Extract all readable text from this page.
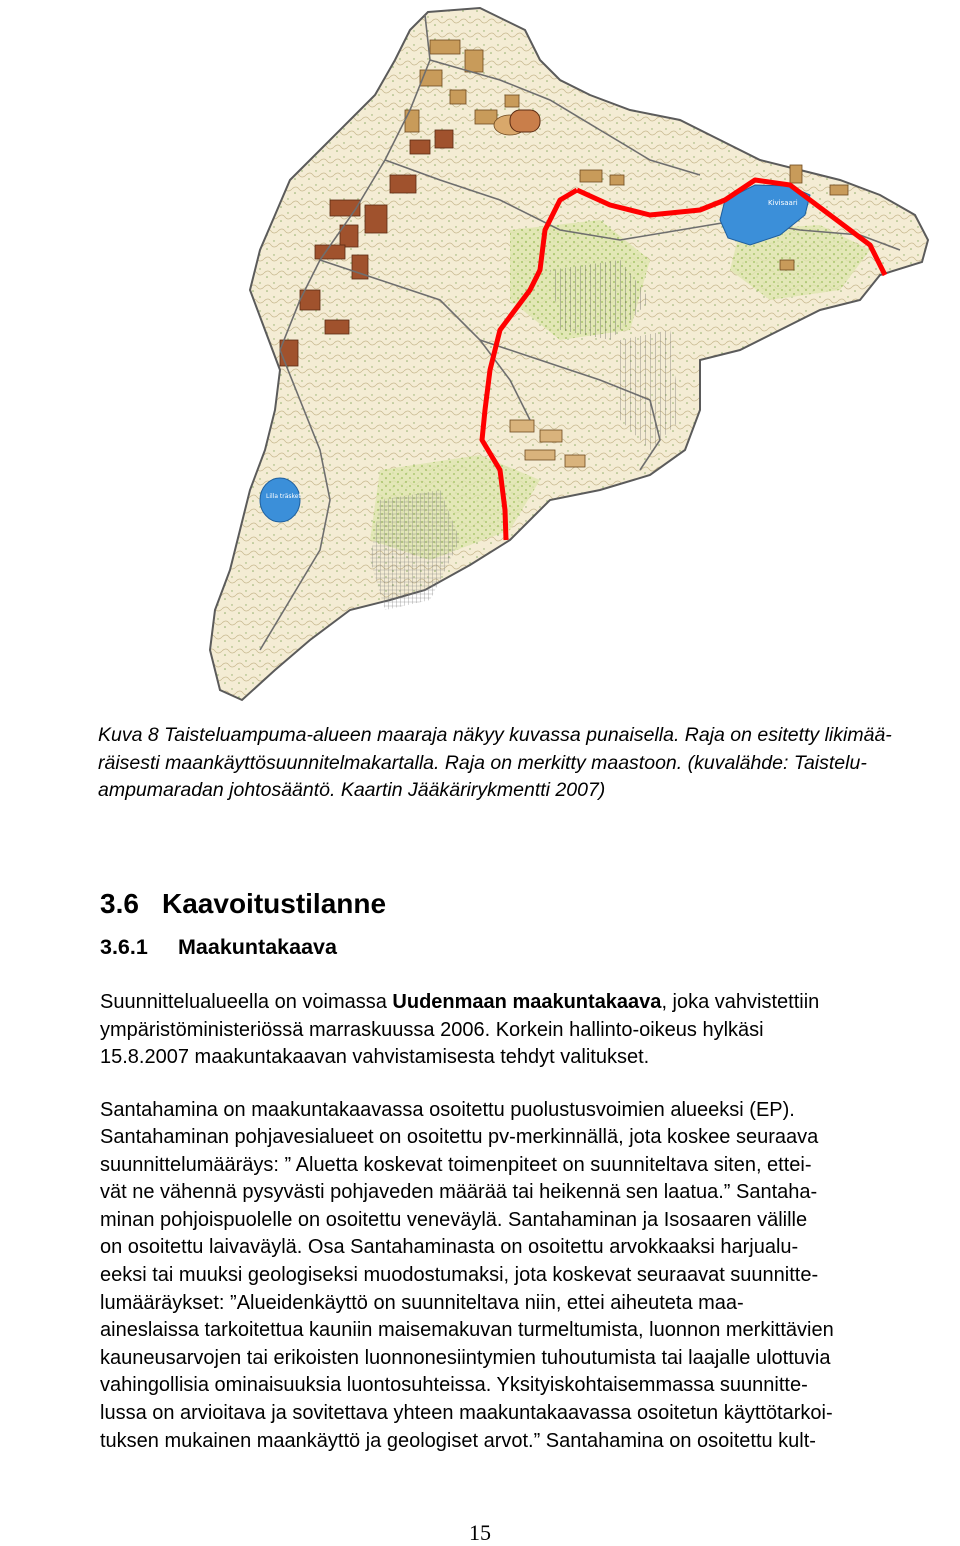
Kivisaari
Lilla träsket
Kuva 8 Taisteluampuma-alueen maaraja näkyy kuvassa punaisella. Raja on esitetty likimää-
räisesti maankäyttösuunnitelmakartalla. Raja on merkitty maastoon. (kuvalähde: Taistelu-
ampumaradan johtosääntö. Kaartin Jääkärirykmentti 2007)
3.6 Kaavoitustilanne
3.6.1 Maakuntakaava
Suunnittelualueella on voimassa Uudenmaan maakuntakaava, joka vahvistettiin
ympäristöministeriössä marraskuussa 2006. Korkein hallinto-oikeus hylkäsi
15.8.2007 maakuntakaavan vahvistamisesta tehdyt valitukset.
Santahamina on maakuntakaavassa osoitettu puolustusvoimien alueeksi (EP).
Santahaminan pohjavesialueet on osoitettu pv-merkinnällä, jota koskee seuraava
suunnittelumääräys: ” Aluetta koskevat toimenpiteet on suunniteltava siten, ettei-
vät ne vähennä pysyvästi pohjaveden määrää tai heikennä sen laatua.” Santaha-
minan pohjoispuolelle on osoitettu veneväylä. Santahaminan ja Isosaaren välille
on osoitettu laivaväylä. Osa Santahaminasta on osoitettu arvokkaaksi harjualu-
eeksi tai muuksi geologiseksi muodostumaksi, jota koskevat seuraavat suunnitte-
lumääräykset: ”Alueidenkäyttö on suunniteltava niin, ettei aiheuteta maa-
aineslaissa tarkoitettua kauniin maisemakuvan turmeltumista, luonnon merkittävien
kauneusarvojen tai erikoisten luonnonesiintymien tuhoutumista tai laajalle ulottuvia
vahingollisia ominaisuuksia luontosuhteissa. Yksityiskohtaisemmassa suunnitte-
lussa on arvioitava ja sovitettava yhteen maakuntakaavassa osoitetun käyttötarkoi-
tuksen mukainen maankäyttö ja geologiset arvot.” Santahamina on osoitettu kult-
15
